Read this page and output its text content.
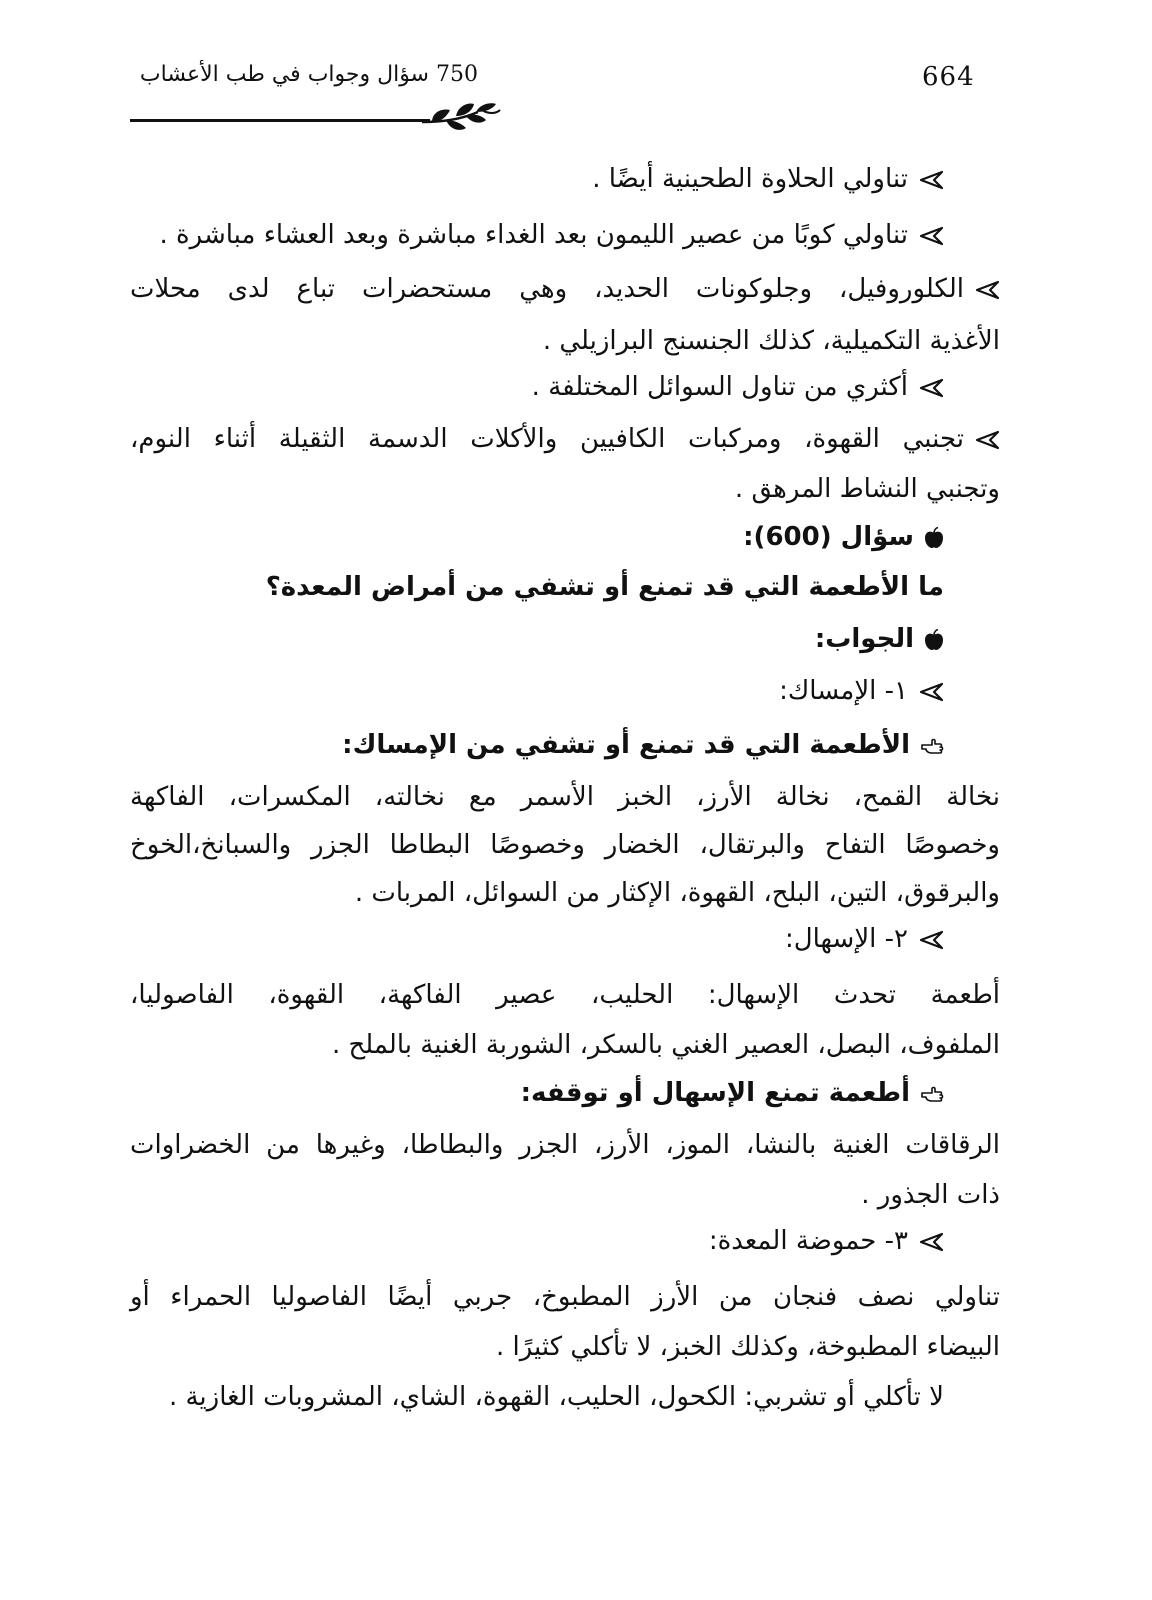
664
750 سؤال وجواب في طب الأعشاب
تناولي الحلاوة الطحينية أيضًا .
تناولي كوبًا من عصير الليمون بعد الغداء مباشرة وبعد العشاء مباشرة .
الكلوروفيل، وجلوكونات الحديد، وهي مستحضرات تباع لدى محلات
الأغذية التكميلية، كذلك الجنسنج البرازيلي .
أكثري من تناول السوائل المختلفة .
تجنبي القهوة، ومركبات الكافيين والأكلات الدسمة الثقيلة أثناء النوم،
وتجنبي النشاط المرهق .
سؤال (600):
ما الأطعمة التي قد تمنع أو تشفي من أمراض المعدة؟
الجواب:
١- الإمساك:
الأطعمة التي قد تمنع أو تشفي من الإمساك:
نخالة القمح، نخالة الأرز، الخبز الأسمر مع نخالته، المكسرات، الفاكهة
وخصوصًا التفاح والبرتقال، الخضار وخصوصًا البطاطا الجزر والسبانخ،الخوخ
والبرقوق، التين، البلح، القهوة، الإكثار من السوائل، المربات .
٢- الإسهال:
أطعمة تحدث الإسهال: الحليب، عصير الفاكهة، القهوة، الفاصوليا،
الملفوف، البصل، العصير الغني بالسكر، الشوربة الغنية بالملح .
أطعمة تمنع الإسهال أو توقفه:
الرقاقات الغنية بالنشا، الموز، الأرز، الجزر والبطاطا، وغيرها من الخضراوات
ذات الجذور .
٣- حموضة المعدة:
تناولي نصف فنجان من الأرز المطبوخ، جربي أيضًا الفاصوليا الحمراء أو
البيضاء المطبوخة، وكذلك الخبز، لا تأكلي كثيرًا .
لا تأكلي أو تشربي: الكحول، الحليب، القهوة، الشاي، المشروبات الغازية .
